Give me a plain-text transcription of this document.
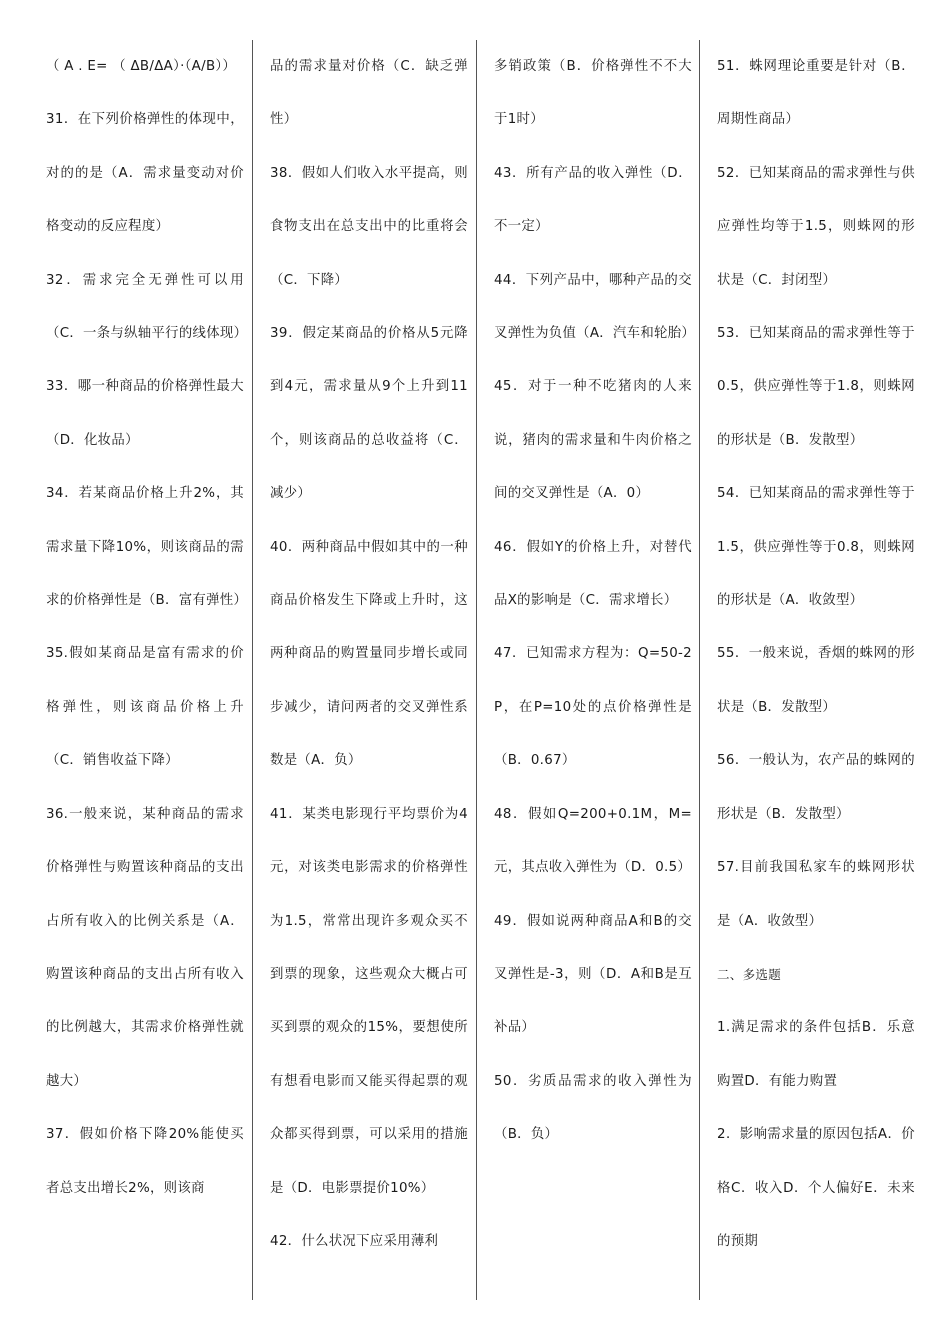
（ A . E= （ ΔB/ΔA）·（A/B））

31．在下列价格弹性的体现中，对的的是（A．需求量变动对价格变动的反应程度）

32．需求完全无弹性可以用（C．一条与纵轴平行的线体现）

33．哪一种商品的价格弹性最大（D．化妆品）

34．若某商品价格上升2%，其需求量下降10%，则该商品的需求的价格弹性是（B．富有弹性）

35.假如某商品是富有需求的价格弹性，则该商品价格上升（C．销售收益下降）

36.一般来说，某种商品的需求价格弹性与购置该种商品的支出占所有收入的比例关系是（A．购置该种商品的支出占所有收入的比例越大，其需求价格弹性就越大）

37．假如价格下降20%能使买者总支出增长2%，则该商

品的需求量对价格（C．缺乏弹性）

38．假如人们收入水平提高，则食物支出在总支出中的比重将会（C．下降）

39．假定某商品的价格从5元降到4元，需求量从9个上升到11个，则该商品的总收益将（C．减少）

40．两种商品中假如其中的一种商品价格发生下降或上升时，这两种商品的购置量同步增长或同步减少，请问两者的交叉弹性系数是（A．负）

41．某类电影现行平均票价为4元，对该类电影需求的价格弹性为1.5，常常出现许多观众买不到票的现象，这些观众大概占可买到票的观众的15%，要想使所有想看电影而又能买得起票的观众都买得到票，可以采用的措施是（D．电影票提价10%）

42．什么状况下应采用薄利

多销政策（B．价格弹性不不大于1时）

43．所有产品的收入弹性（D．不一定）

44．下列产品中，哪种产品的交叉弹性为负值（A．汽车和轮胎）

45．对于一种不吃猪肉的人来说，猪肉的需求量和牛肉价格之间的交叉弹性是（A．0）

46．假如Y的价格上升，对替代品X的影响是（C．需求增长）

47．已知需求方程为：Q=50-2P，在P=10处的点价格弹性是（B．0.67）

48．假如Q=200+0.1M，M=元，其点收入弹性为（D．0.5）

49．假如说两种商品A和B的交叉弹性是-3，则（D．A和B是互补品）

50．劣质品需求的收入弹性为（B．负）

51．蛛网理论重要是针对（B．周期性商品）

52．已知某商品的需求弹性与供应弹性均等于1.5，则蛛网的形状是（C．封闭型）

53．已知某商品的需求弹性等于0.5，供应弹性等于1.8，则蛛网的形状是（B．发散型）

54．已知某商品的需求弹性等于1.5，供应弹性等于0.8，则蛛网的形状是（A．收敛型）

55．一般来说，香烟的蛛网的形状是（B．发散型）

56．一般认为，农产品的蛛网的形状是（B．发散型）

57.目前我国私家车的蛛网形状是（A．收敛型）

二、多选题

1.满足需求的条件包括B．乐意购置D．有能力购置

2．影响需求量的原因包括A．价格C．收入D．个人偏好E．未来的预期
